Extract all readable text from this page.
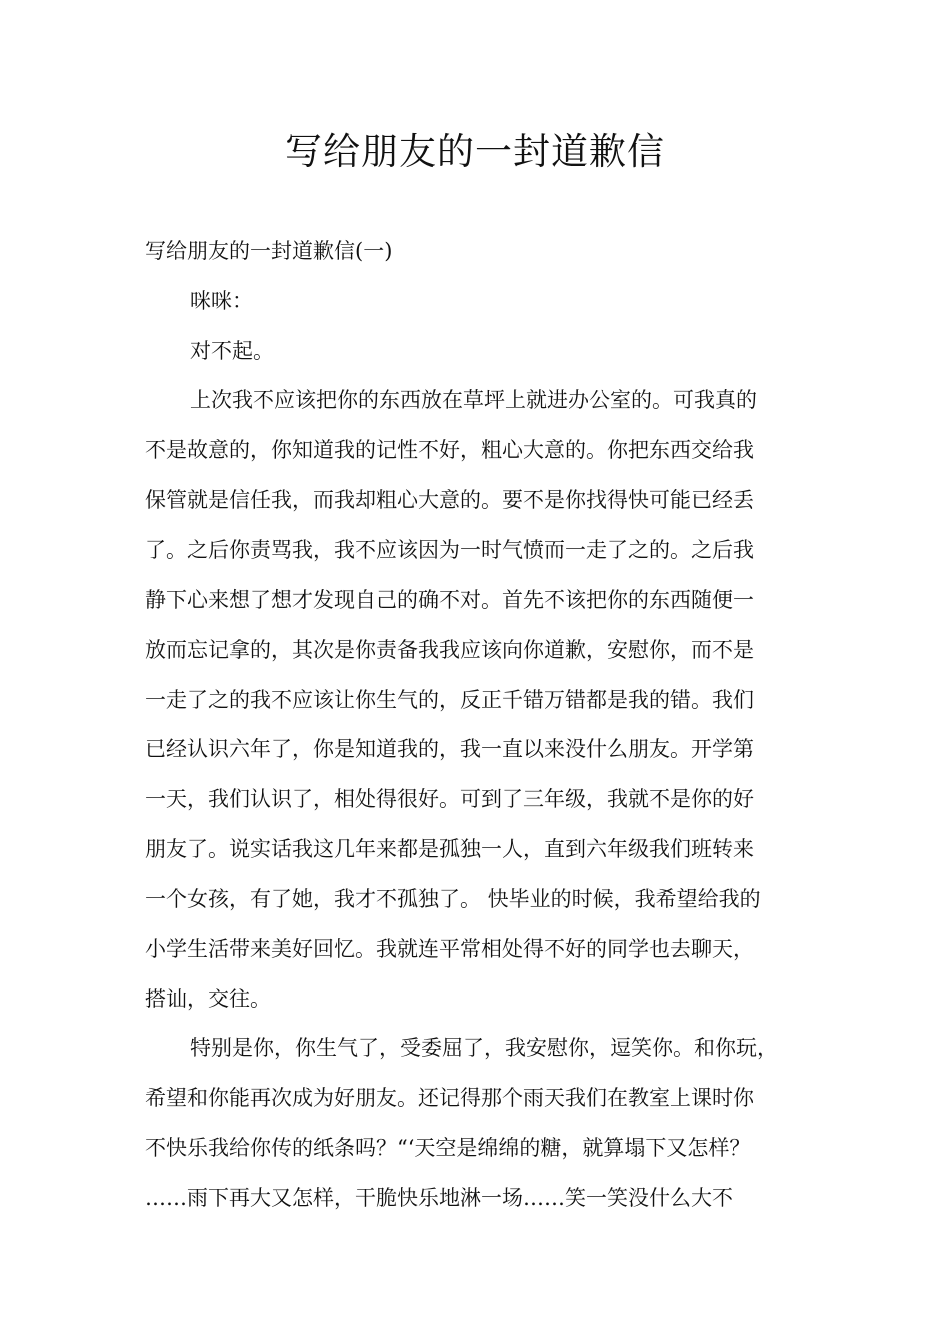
写给朋友的一封道歉信

写给朋友的一封道歉信(一)

咪咪：

对不起。

上次我不应该把你的东西放在草坪上就进办公室的。可我真的

不是故意的，你知道我的记性不好，粗心大意的。你把东西交给我

保管就是信任我，而我却粗心大意的。要不是你找得快可能已经丢

了。之后你责骂我，我不应该因为一时气愤而一走了之的。之后我

静下心来想了想才发现自己的确不对。首先不该把你的东西随便一

放而忘记拿的，其次是你责备我我应该向你道歉，安慰你，而不是

一走了之的我不应该让你生气的，反正千错万错都是我的错。我们

已经认识六年了，你是知道我的，我一直以来没什么朋友。开学第

一天，我们认识了，相处得很好。可到了三年级，我就不是你的好

朋友了。说实话我这几年来都是孤独一人，直到六年级我们班转来

一个女孩，有了她，我才不孤独了。 快毕业的时候，我希望给我的

小学生活带来美好回忆。我就连平常相处得不好的同学也去聊天，

搭讪，交往。

特别是你，你生气了，受委屈了，我安慰你，逗笑你。和你玩，

希望和你能再次成为好朋友。还记得那个雨天我们在教室上课时你

不快乐我给你传的纸条吗？“‘天空是绵绵的糖，就算塌下又怎样？

……雨下再大又怎样，干脆快乐地淋一场……笑一笑没什么大不
